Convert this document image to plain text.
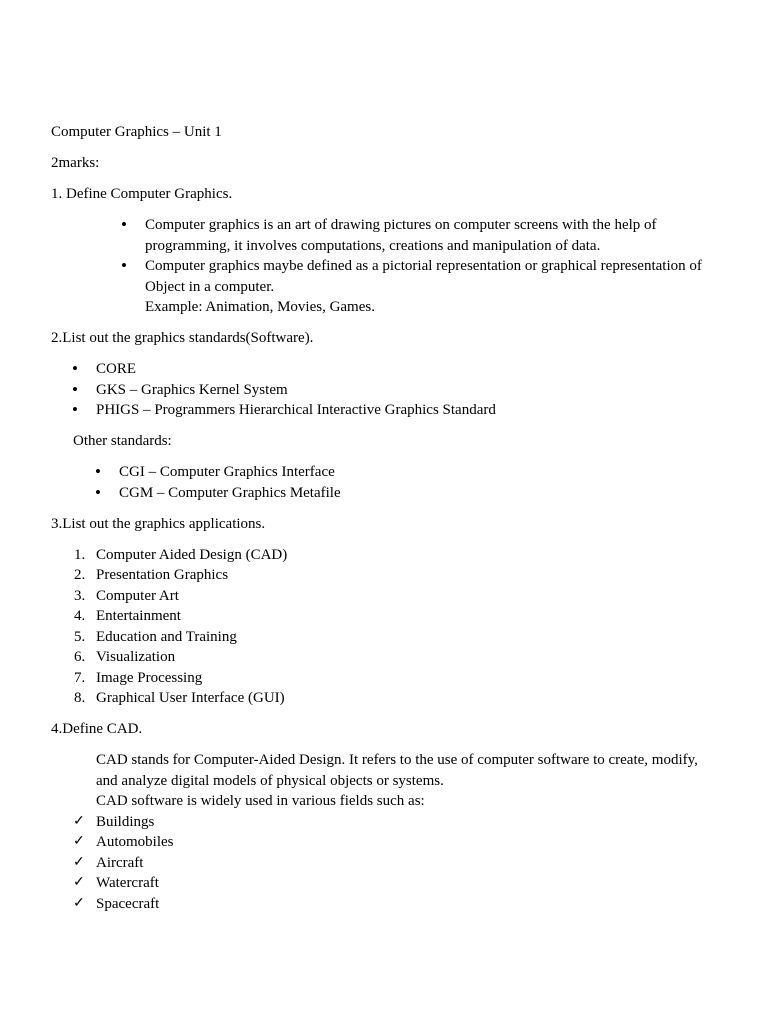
Computer Graphics – Unit 1

2marks:

1. Define Computer Graphics.

•	Computer graphics is an art of drawing pictures on computer screens with the help of programming, it involves computations, creations and manipulation of data.
•	Computer graphics maybe defined as a pictorial representation or graphical representation of Object in a computer.
Example: Animation, Movies, Games.

2.List out the graphics standards(Software).

•	CORE
•	GKS – Graphics Kernel System
•	PHIGS – Programmers Hierarchical Interactive Graphics Standard

Other standards:

•	CGI – Computer Graphics Interface
•	CGM – Computer Graphics Metafile

3.List out the graphics applications.

1. Computer Aided Design (CAD)
2. Presentation Graphics
3. Computer Art
4. Entertainment
5. Education and Training
6. Visualization
7. Image Processing
8. Graphical User Interface (GUI)

4.Define CAD.

CAD stands for Computer-Aided Design. It refers to the use of computer software to create, modify, and analyze digital models of physical objects or systems.

CAD software is widely used in various fields such as:

✓ Buildings
✓ Automobiles
✓ Aircraft
✓ Watercraft
✓ Spacecraft
